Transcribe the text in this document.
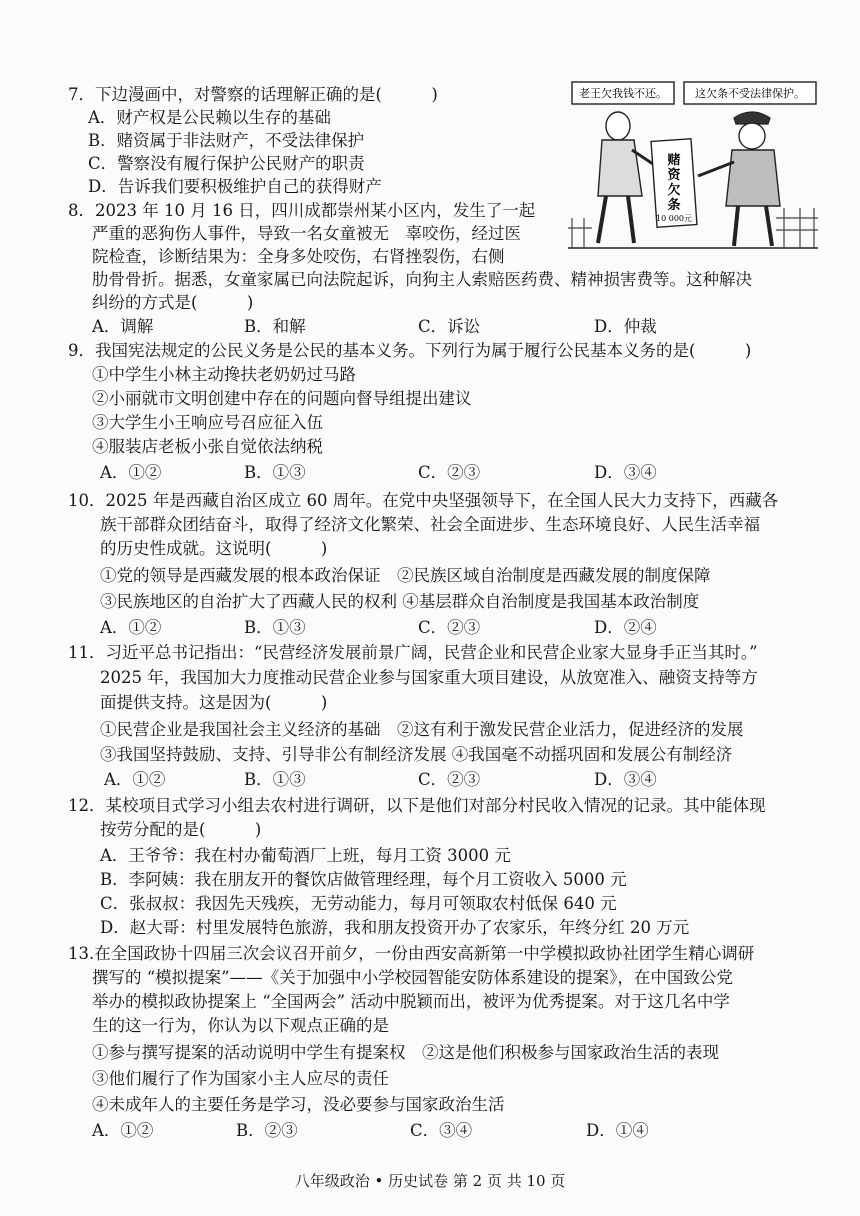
7．下边漫画中，对警察的话理解正确的是(　　　)
A．财产权是公民赖以生存的基础
B．赌资属于非法财产，不受法律保护
C．警察没有履行保护公民财产的职责
D．告诉我们要积极维护自己的获得财产
老王欠我钱不还。	这欠条不受法律保护。
赌
资
欠
条
10 000元
8．2023 年 10 月 16 日，四川成都崇州某小区内，发生了一起
严重的恶狗伤人事件，导致一名女童被无　辜咬伤，经过医
院检查，诊断结果为：全身多处咬伤，右肾挫裂伤，右侧
肋骨骨折。据悉，女童家属已向法院起诉，向狗主人索赔医药费、精神损害费等。这种解决
纠纷的方式是(　　　)
A．调解	B．和解	C．诉讼	D．仲裁
9．我国宪法规定的公民义务是公民的基本义务。下列行为属于履行公民基本义务的是(　　　)
①中学生小林主动搀扶老奶奶过马路
②小丽就市文明创建中存在的问题向督导组提出建议
③大学生小王响应号召应征入伍
④服装店老板小张自觉依法纳税
A．①②	B．①③	C．②③	D．③④
10．2025 年是西藏自治区成立 60 周年。在党中央坚强领导下，在全国人民大力支持下，西藏各
族干部群众团结奋斗，取得了经济文化繁荣、社会全面进步、生态环境良好、人民生活幸福
的历史性成就。这说明(　　　)
①党的领导是西藏发展的根本政治保证　②民族区域自治制度是西藏发展的制度保障
③民族地区的自治扩大了西藏人民的权利 ④基层群众自治制度是我国基本政治制度
A．①②	B．①③	C．②③	D．②④
11．习近平总书记指出：“民营经济发展前景广阔，民营企业和民营企业家大显身手正当其时。”
2025 年，我国加大力度推动民营企业参与国家重大项目建设，从放宽准入、融资支持等方
面提供支持。这是因为(　　　)
①民营企业是我国社会主义经济的基础　②这有利于激发民营企业活力，促进经济的发展
③我国坚持鼓励、支持、引导非公有制经济发展 ④我国毫不动摇巩固和发展公有制经济
A．①②	B．①③	C．②③	D．③④
12．某校项目式学习小组去农村进行调研，以下是他们对部分村民收入情况的记录。其中能体现
按劳分配的是(　　　)
A．王爷爷：我在村办葡萄酒厂上班，每月工资 3000 元
B．李阿姨：我在朋友开的餐饮店做管理经理，每个月工资收入 5000 元
C．张叔叔：我因先天残疾，无劳动能力，每月可领取农村低保 640 元
D．赵大哥：村里发展特色旅游，我和朋友投资开办了农家乐，年终分红 20 万元
13.在全国政协十四届三次会议召开前夕，一份由西安高新第一中学模拟政协社团学生精心调研
撰写的 “模拟提案”——《关于加强中小学校园智能安防体系建设的提案》，在中国致公党
举办的模拟政协提案上 “全国两会” 活动中脱颖而出，被评为优秀提案。对于这几名中学
生的这一行为，你认为以下观点正确的是
①参与撰写提案的活动说明中学生有提案权　②这是他们积极参与国家政治生活的表现
③他们履行了作为国家小主人应尽的责任
④未成年人的主要任务是学习，没必要参与国家政治生活
A．①②	B．②③	C．③④	D．①④
八年级政治 • 历史试卷 第 2 页 共 10 页
